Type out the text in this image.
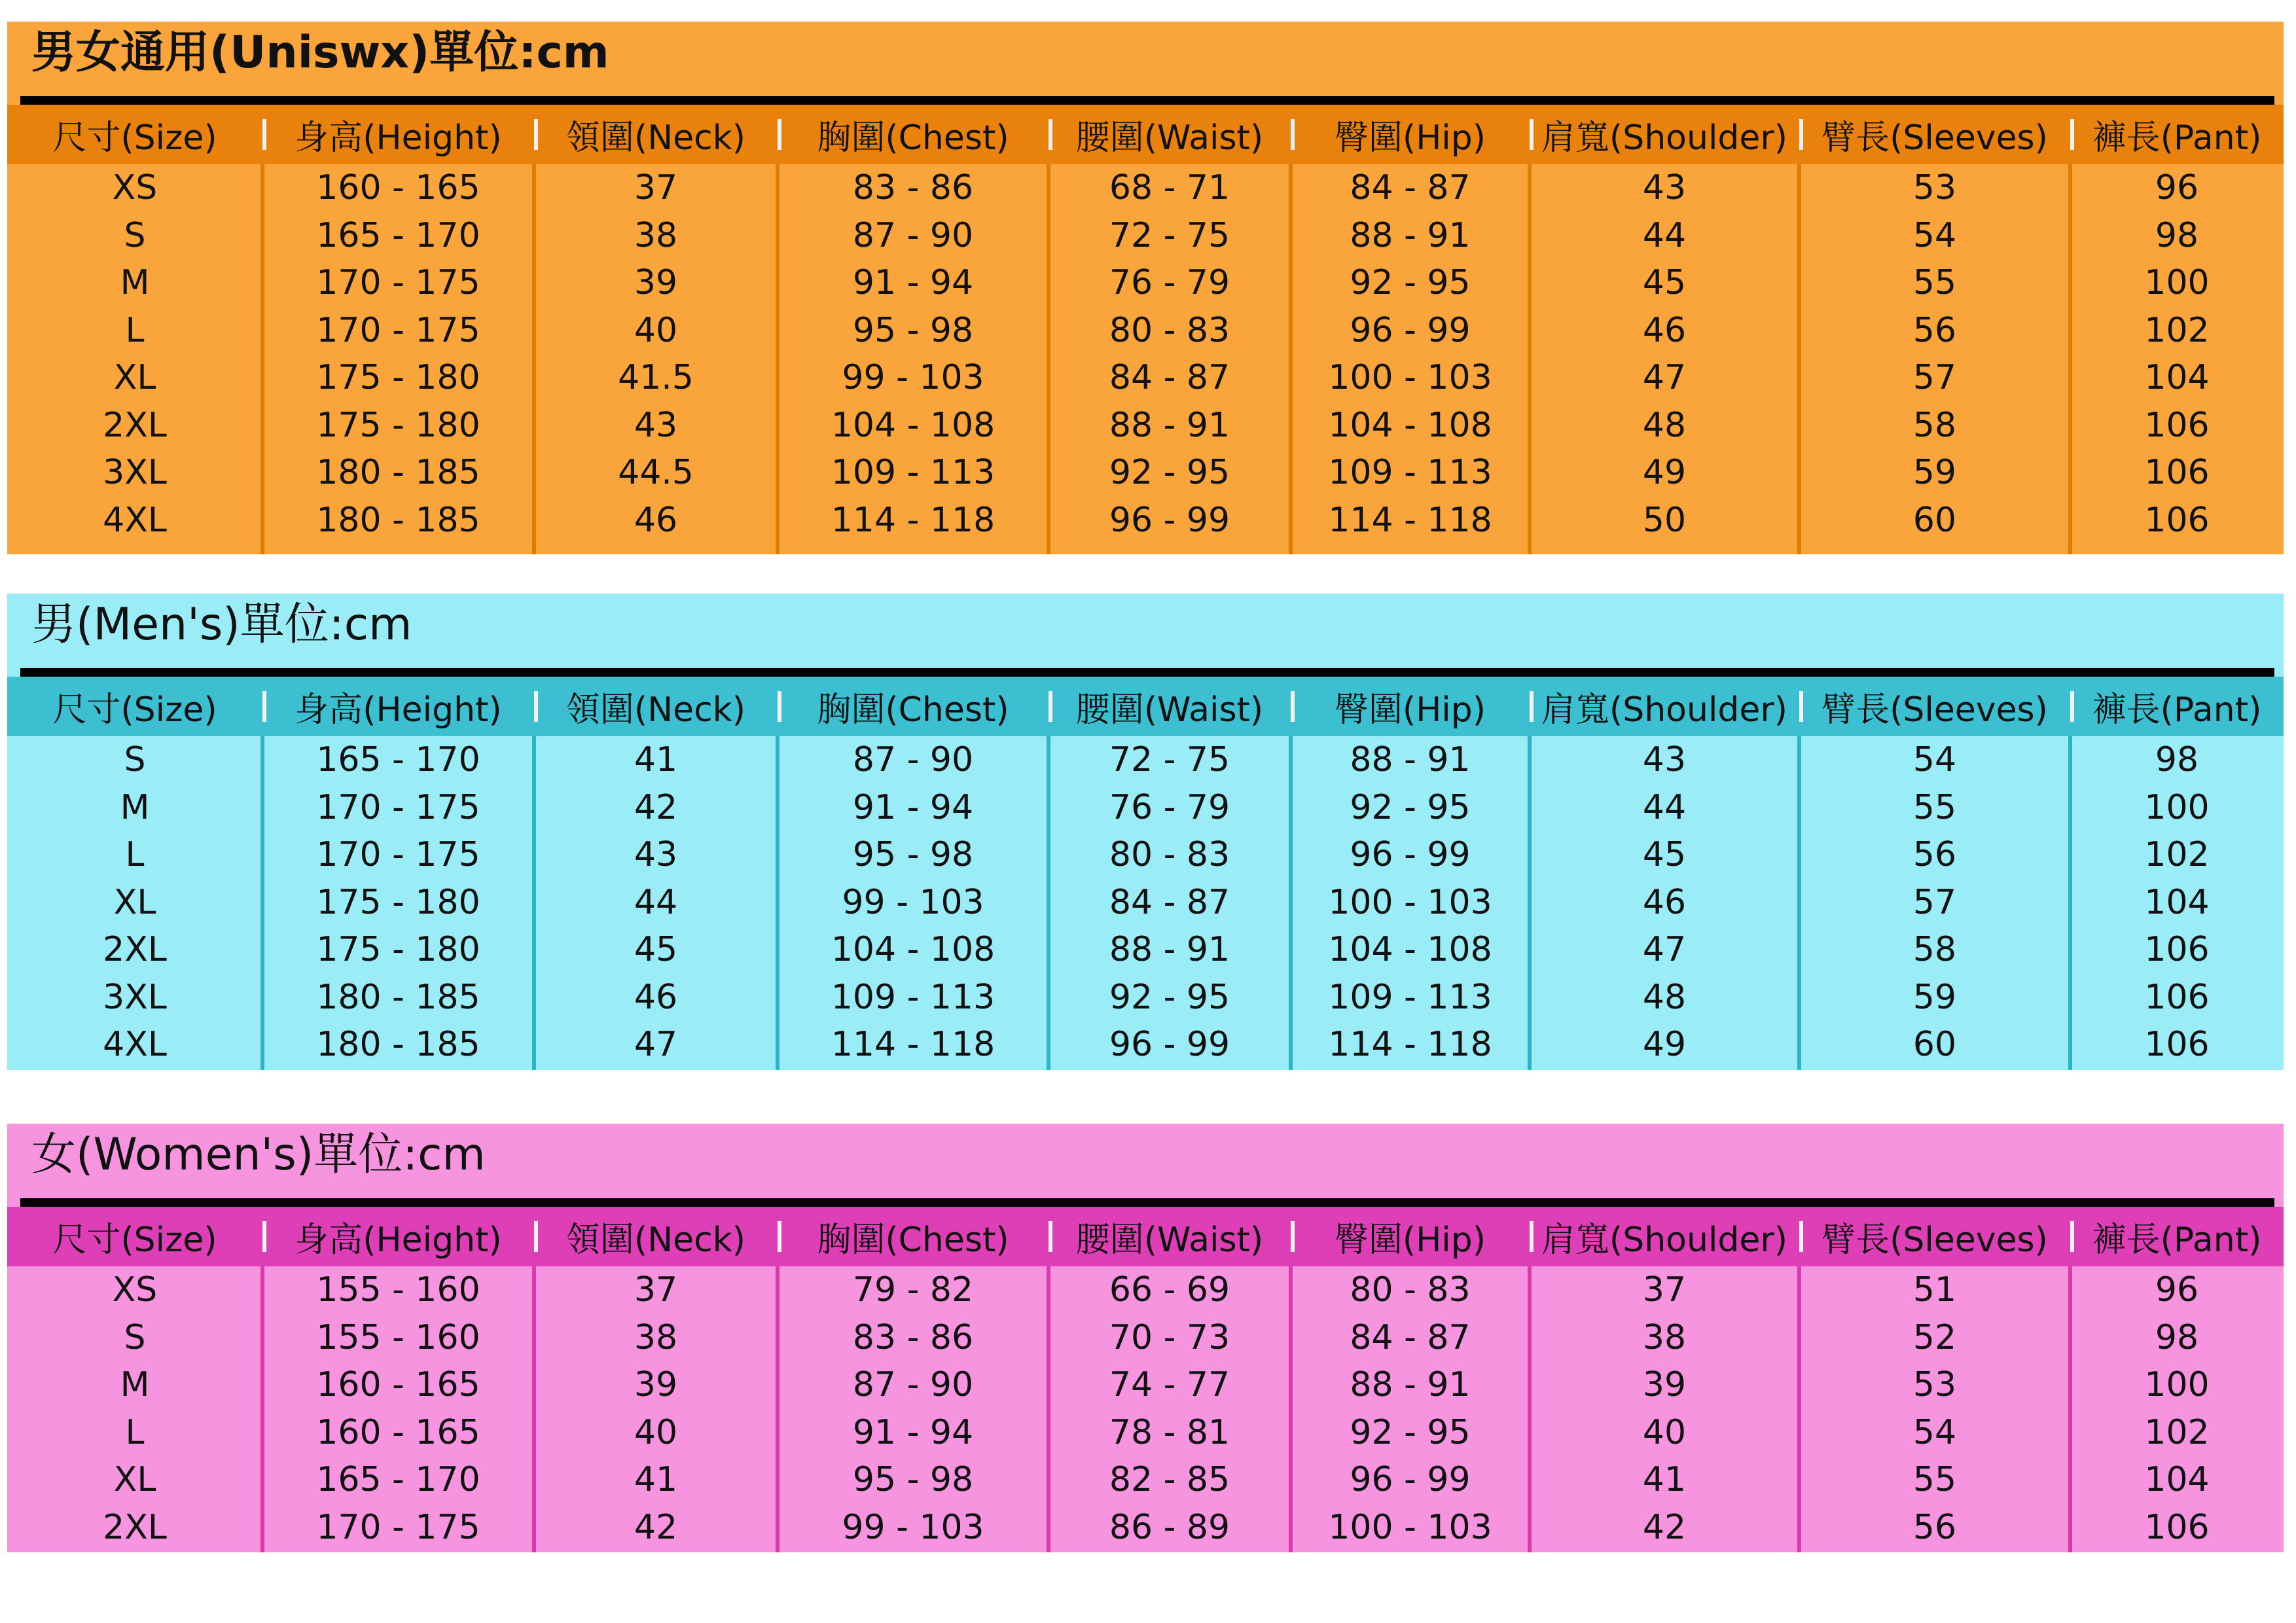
男女通用(Uniswx)單位:cm
尺寸(Size) 身高(Height) 領圍(Neck) 胸圍(Chest) 腰圍(Waist) 臀圍(Hip) 肩寬(Shoulder) 臂長(Sleeves) 褲長(Pant)
XS	160 - 165	37	83 - 86	68 - 71	84 - 87	43	53	96
S	165 - 170	38	87 - 90	72 - 75	88 - 91	44	54	98
M	170 - 175	39	91 - 94	76 - 79	92 - 95	45	55	100
L	170 - 175	40	95 - 98	80 - 83	96 - 99	46	56	102
XL	175 - 180	41.5	99 - 103	84 - 87	100 - 103	47	57	104
2XL	175 - 180	43	104 - 108	88 - 91	104 - 108	48	58	106
3XL	180 - 185	44.5	109 - 113	92 - 95	109 - 113	49	59	106
4XL	180 - 185	46	114 - 118	96 - 99	114 - 118	50	60	106
男(Men's)單位:cm
尺寸(Size) 身高(Height) 領圍(Neck) 胸圍(Chest) 腰圍(Waist) 臀圍(Hip) 肩寬(Shoulder) 臂長(Sleeves) 褲長(Pant)
S	165 - 170	41	87 - 90	72 - 75	88 - 91	43	54	98
M	170 - 175	42	91 - 94	76 - 79	92 - 95	44	55	100
L	170 - 175	43	95 - 98	80 - 83	96 - 99	45	56	102
XL	175 - 180	44	99 - 103	84 - 87	100 - 103	46	57	104
2XL	175 - 180	45	104 - 108	88 - 91	104 - 108	47	58	106
3XL	180 - 185	46	109 - 113	92 - 95	109 - 113	48	59	106
4XL	180 - 185	47	114 - 118	96 - 99	114 - 118	49	60	106
女(Women's)單位:cm
尺寸(Size) 身高(Height) 領圍(Neck) 胸圍(Chest) 腰圍(Waist) 臀圍(Hip) 肩寬(Shoulder) 臂長(Sleeves) 褲長(Pant)
XS	155 - 160	37	79 - 82	66 - 69	80 - 83	37	51	96
S	155 - 160	38	83 - 86	70 - 73	84 - 87	38	52	98
M	160 - 165	39	87 - 90	74 - 77	88 - 91	39	53	100
L	160 - 165	40	91 - 94	78 - 81	92 - 95	40	54	102
XL	165 - 170	41	95 - 98	82 - 85	96 - 99	41	55	104
2XL	170 - 175	42	99 - 103	86 - 89	100 - 103	42	56	106
